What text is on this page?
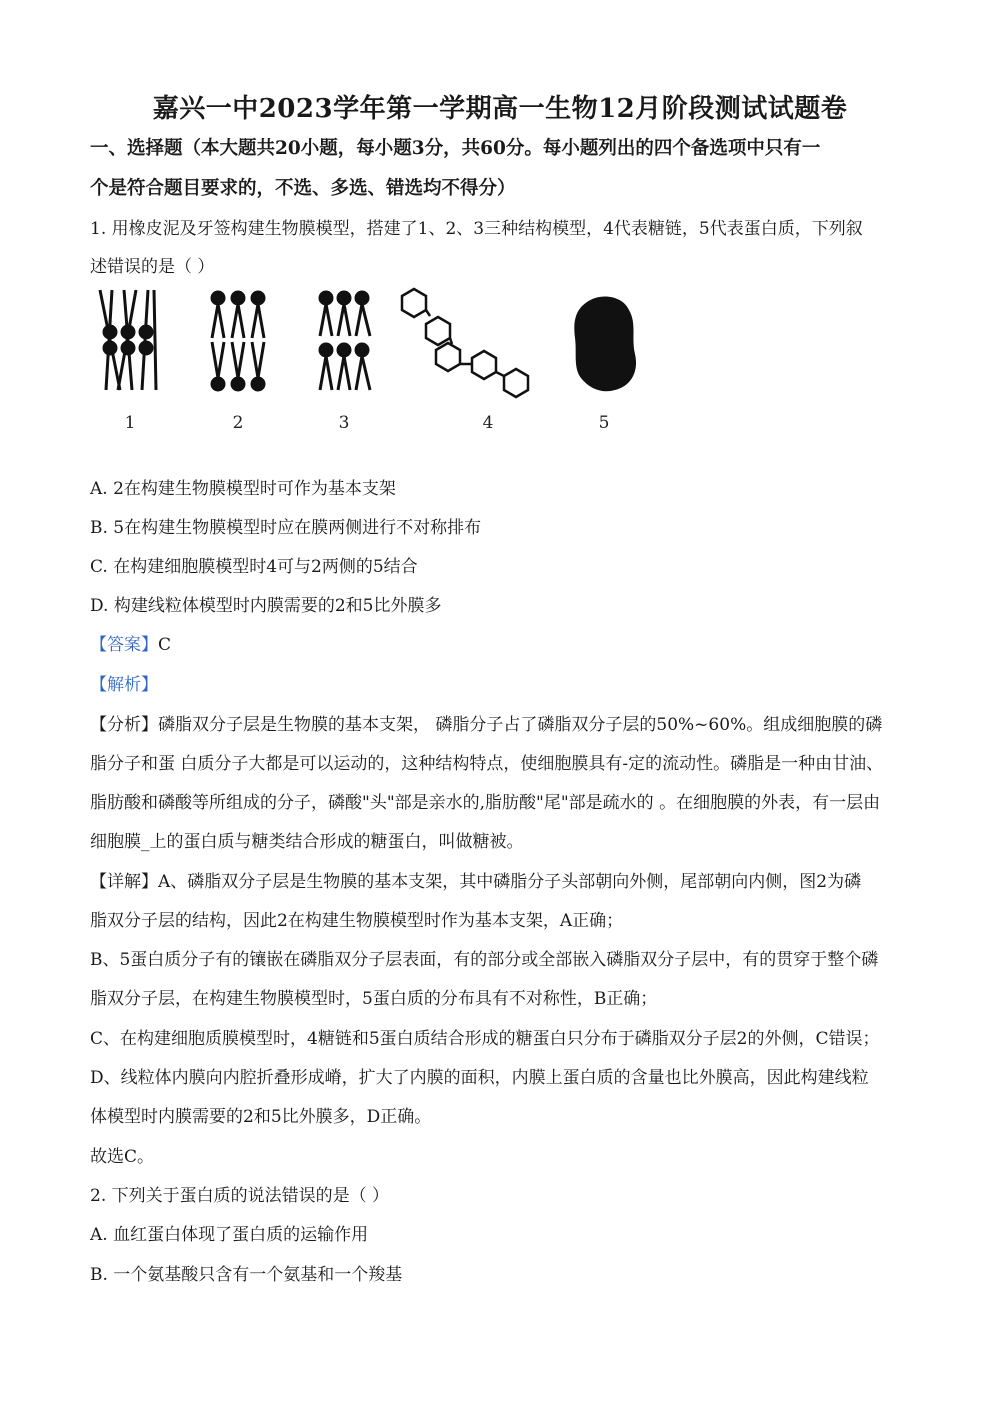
嘉兴一中2023学年第一学期高一生物12月阶段测试试题卷
一、选择题（本大题共20小题，每小题3分，共60分。每小题列出的四个备选项中只有一
个是符合题目要求的，不选、多选、错选均不得分）
1. 用橡皮泥及牙签构建生物膜模型，搭建了1、2、3三种结构模型，4代表糖链，5代表蛋白质，下列叙
述错误的是（ ）
1	2	3	4	5
A. 2在构建生物膜模型时可作为基本支架
B. 5在构建生物膜模型时应在膜两侧进行不对称排布
C. 在构建细胞膜模型时4可与2两侧的5结合
D. 构建线粒体模型时内膜需要的2和5比外膜多
【答案】C
【解析】
【分析】磷脂双分子层是生物膜的基本支架， 磷脂分子占了磷脂双分子层的50%~60%。组成细胞膜的磷
脂分子和蛋 白质分子大都是可以运动的，这种结构特点，使细胞膜具有-定的流动性。磷脂是一种由甘油、
脂肪酸和磷酸等所组成的分子，磷酸"头"部是亲水的,脂肪酸"尾"部是疏水的 。在细胞膜的外表，有一层由
细胞膜_上的蛋白质与糖类结合形成的糖蛋白，叫做糖被。
【详解】A、磷脂双分子层是生物膜的基本支架，其中磷脂分子头部朝向外侧，尾部朝向内侧，图2为磷
脂双分子层的结构，因此2在构建生物膜模型时作为基本支架，A正确；
B、5蛋白质分子有的镶嵌在磷脂双分子层表面，有的部分或全部嵌入磷脂双分子层中，有的贯穿于整个磷
脂双分子层，在构建生物膜模型时，5蛋白质的分布具有不对称性，B正确；
C、在构建细胞质膜模型时，4糖链和5蛋白质结合形成的糖蛋白只分布于磷脂双分子层2的外侧，C错误；
D、线粒体内膜向内腔折叠形成嵴，扩大了内膜的面积，内膜上蛋白质的含量也比外膜高，因此构建线粒
体模型时内膜需要的2和5比外膜多，D正确。
故选C。
2. 下列关于蛋白质的说法错误的是（ ）
A. 血红蛋白体现了蛋白质的运输作用
B. 一个氨基酸只含有一个氨基和一个羧基
